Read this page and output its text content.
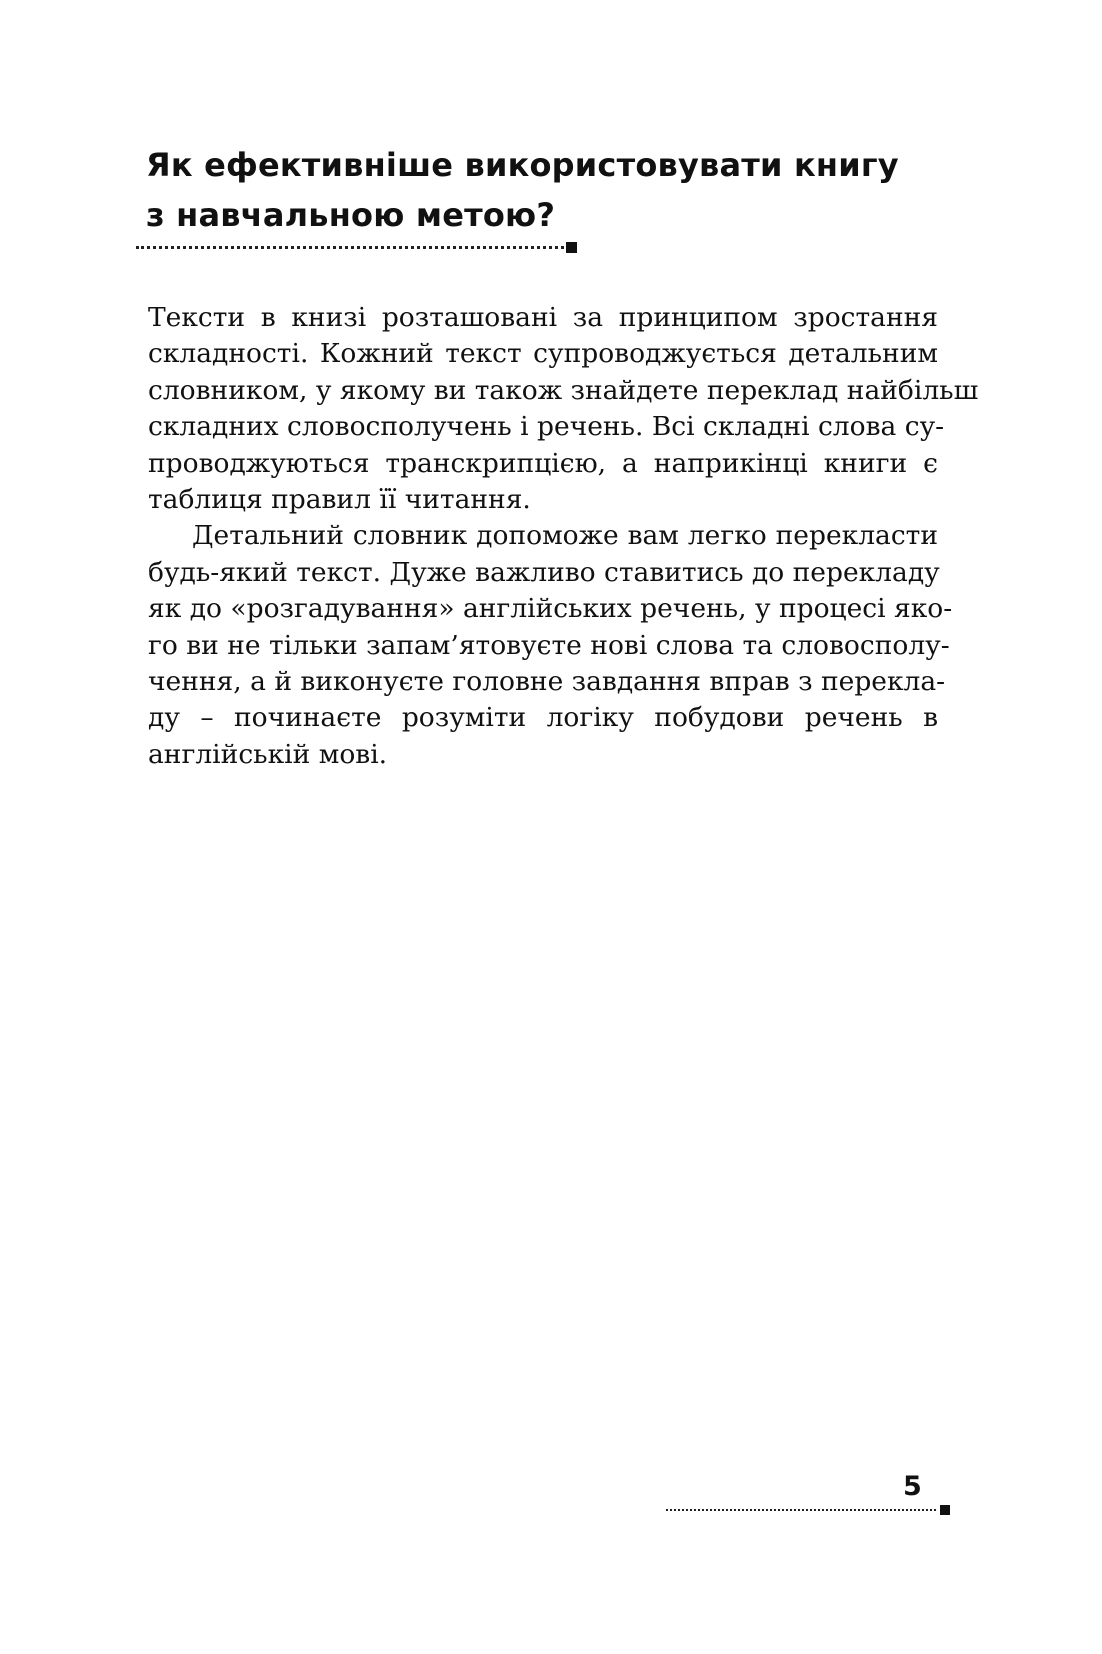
Як ефективніше використовувати книгу
з навчальною метою?

Тексти в книзі розташовані за принципом зростання
складності. Кожний текст супроводжується детальним
словником, у якому ви також знайдете переклад найбільш
складних словосполучень і речень. Всі складні слова су-
проводжуються транскрипцією, а наприкінці книги є
таблиця правил її читання.

Детальний словник допоможе вам легко перекласти
будь-який текст. Дуже важливо ставитись до перекладу
як до «розгадування» англійських речень, у процесі яко-
го ви не тільки запам’ятовуєте нові слова та словосполу-
чення, а й виконуєте головне завдання вправ з перекла-
ду – починаєте розуміти логіку побудови речень в
англійській мові.

5
